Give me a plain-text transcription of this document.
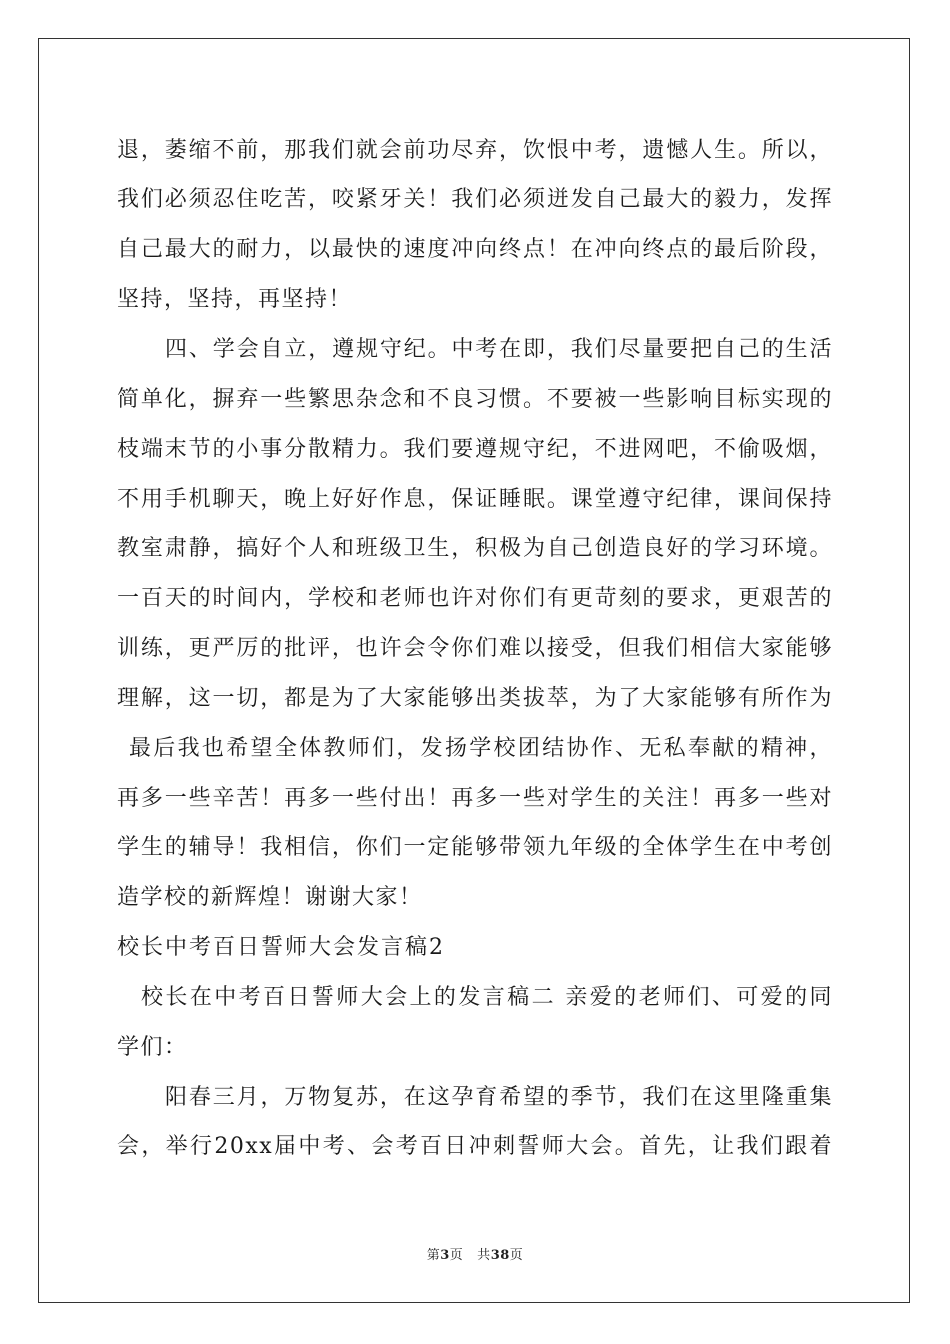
退，萎缩不前，那我们就会前功尽弃，饮恨中考，遗憾人生。所以，
我们必须忍住吃苦，咬紧牙关！我们必须迸发自己最大的毅力，发挥
自己最大的耐力，以最快的速度冲向终点！在冲向终点的最后阶段，
坚持，坚持，再坚持！
四、学会自立，遵规守纪。中考在即，我们尽量要把自己的生活
简单化，摒弃一些繁思杂念和不良习惯。不要被一些影响目标实现的
枝端末节的小事分散精力。我们要遵规守纪，不进网吧，不偷吸烟，
不用手机聊天，晚上好好作息，保证睡眠。课堂遵守纪律，课间保持
教室肃静，搞好个人和班级卫生，积极为自己创造良好的学习环境。
一百天的时间内，学校和老师也许对你们有更苛刻的要求，更艰苦的
训练，更严厉的批评，也许会令你们难以接受，但我们相信大家能够
理解，这一切，都是为了大家能够出类拔萃，为了大家能够有所作为
最后我也希望全体教师们，发扬学校团结协作、无私奉献的精神，
再多一些辛苦！再多一些付出！再多一些对学生的关注！再多一些对
学生的辅导！我相信，你们一定能够带领九年级的全体学生在中考创
造学校的新辉煌！谢谢大家！
校长中考百日誓师大会发言稿2
校长在中考百日誓师大会上的发言稿二 亲爱的老师们、可爱的同
学们：
阳春三月，万物复苏，在这孕育希望的季节，我们在这里隆重集
会，举行20xx届中考、会考百日冲刺誓师大会。首先，让我们跟着
第3页 共38页
